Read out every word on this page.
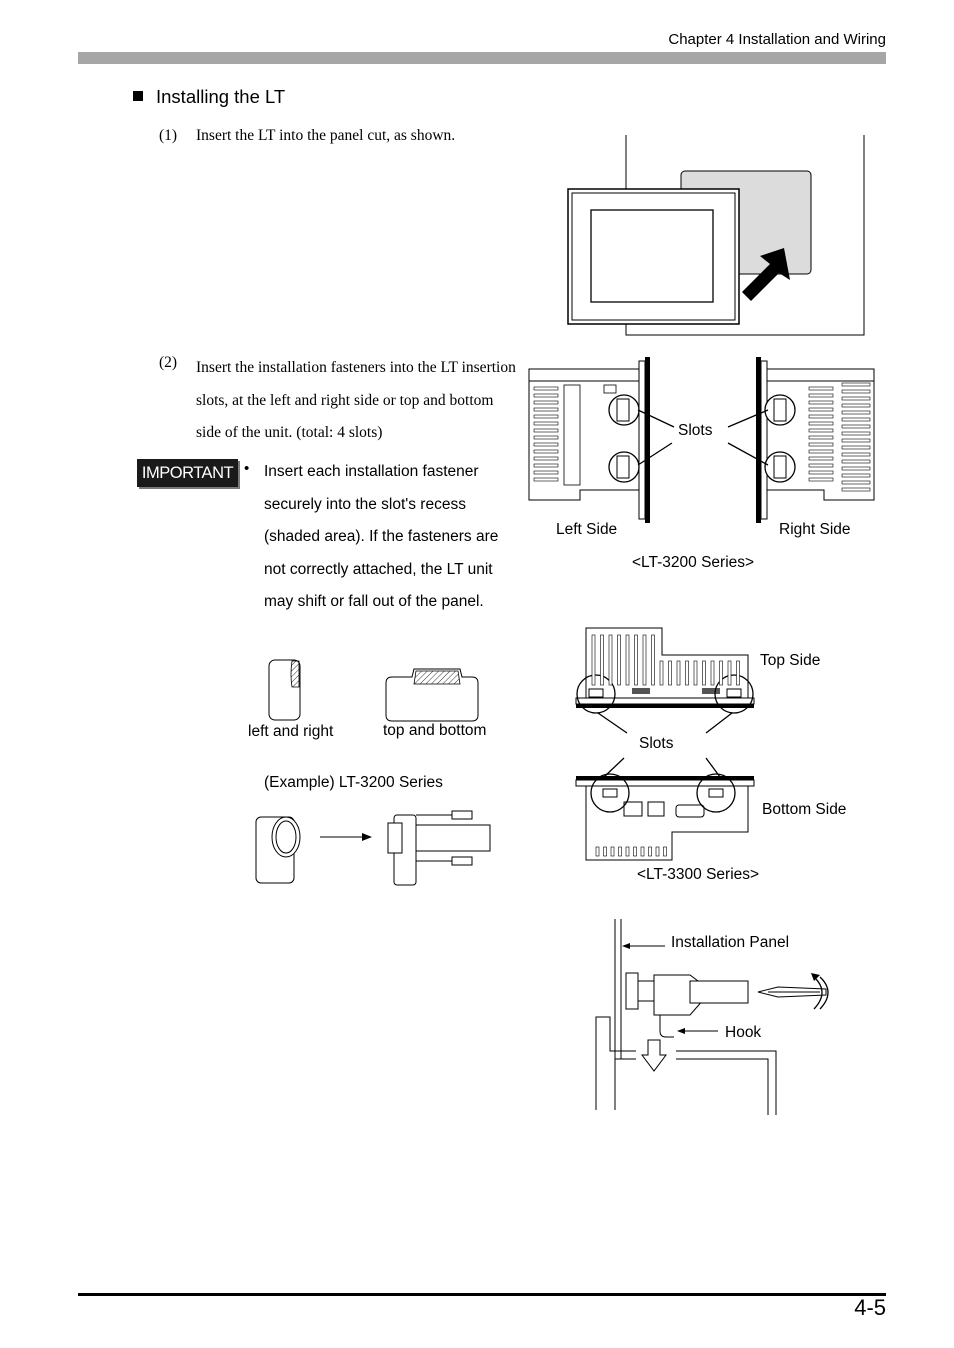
Chapter 4 Installation and Wiring
Installing the LT
(1) Insert the LT into the panel cut, as shown.
(2) Insert the installation fasteners into the LT insertion slots, at the left and right side or top and bottom side of the unit. (total: 4 slots)
IMPORTANT • Insert each installation fastener securely into the slot's recess (shaded area). If the fasteners are not correctly attached, the LT unit may shift or fall out of the panel.
left and right	top and bottom
(Example) LT-3200 Series
Slots
Left Side	Right Side
<LT-3200 Series>
Top Side
Slots
Bottom Side
<LT-3300 Series>
Installation Panel
Hook
4-5
